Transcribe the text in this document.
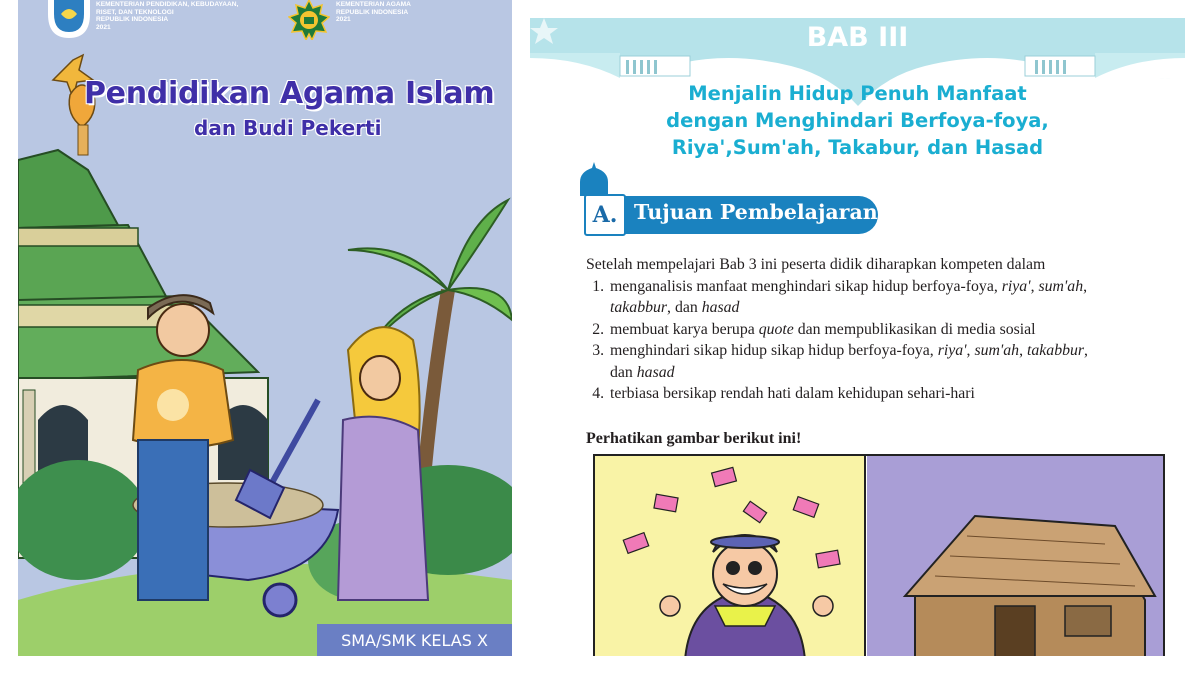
KEMENTERIAN PENDIDIKAN, KEBUDAYAAN,
RISET, DAN TEKNOLOGI
REPUBLIK INDONESIA
2021
KEMENTERIAN AGAMA
REPUBLIK INDONESIA
2021
Pendidikan Agama Islam
dan Budi Pekerti
SMA/SMK KELAS X
BAB III
Menjalin Hidup Penuh Manfaat
dengan Menghindari Berfoya-foya,
Riya',Sum'ah, Takabur, dan Hasad
A. Tujuan Pembelajaran

Setelah mempelajari Bab 3 ini peserta didik diharapkan kompeten dalam

1. menganalisis manfaat menghindari sikap hidup berfoya-foya, riya', sum'ah,
takabbur, dan hasad
2. membuat karya berupa quote dan mempublikasikan di media sosial
3. menghindari sikap hidup sikap hidup berfoya-foya, riya', sum'ah, takabbur,
dan hasad
4. terbiasa bersikap rendah hati dalam kehidupan sehari-hari
Perhatikan gambar berikut ini!
